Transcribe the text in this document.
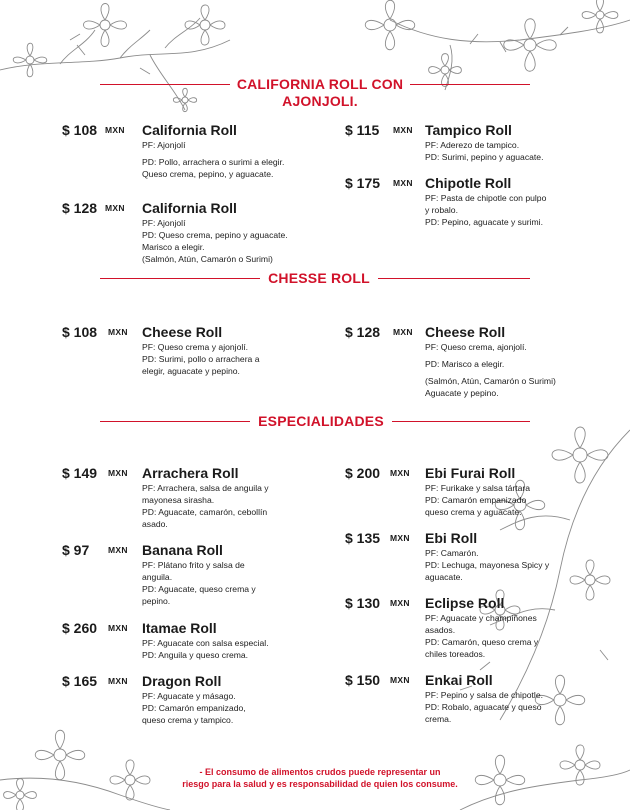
CALIFORNIA ROLL CON
AJONJOLI.
CHESSE ROLL
ESPECIALIDADES
$ 108 MXN California Roll
PF: Ajonjolí
PD: Pollo, arrachera o surimi a elegir.
Queso crema, pepino, y aguacate.
$ 128 MXN California Roll
PF: Ajonjolí
PD: Queso crema, pepino y aguacate.
Marisco a elegir.
(Salmón, Atún, Camarón o Surimi)
$ 115 MXN Tampico Roll
PF: Aderezo de tampico.
PD: Surimi, pepino y aguacate.
$ 175 MXN Chipotle Roll
PF: Pasta de chipotle con pulpo
y robalo.
PD: Pepino, aguacate y surimi.
$ 108 MXN Cheese Roll
PF: Queso crema y ajonjolí.
PD: Surimi, pollo o arrachera a
elegir, aguacate y pepino.
$ 128 MXN Cheese Roll
PF: Queso crema, ajonjolí.
PD: Marisco a elegir.
(Salmón, Atún, Camarón o Surimi)
Aguacate y pepino.
$ 149 MXN Arrachera Roll
PF: Arrachera, salsa de anguila y
mayonesa sirasha.
PD: Aguacate, camarón, cebollín
asado.
$ 97 MXN Banana Roll
PF: Plátano frito y salsa de
anguila.
PD: Aguacate, queso crema y
pepino.
$ 260 MXN Itamae Roll
PF: Aguacate con salsa especial.
PD: Anguila y queso crema.
$ 165 MXN Dragon Roll
PF: Aguacate y másago.
PD: Camarón empanizado,
queso crema y tampico.
$ 200 MXN Ebi Furai Roll
PF: Furikake y salsa tártara
PD: Camarón empanizado
queso crema y aguacate.
$ 135 MXN Ebi Roll
PF: Camarón.
PD: Lechuga, mayonesa Spicy y
aguacate.
$ 130 MXN Eclipse Roll
PF: Aguacate y champiñones
asados.
PD: Camarón, queso crema y
chiles toreados.
$ 150 MXN Enkai Roll
PF: Pepino y salsa de chipotle.
PD: Robalo, aguacate y queso
crema.
- El consumo de alimentos crudos puede representar un
riesgo para la salud y es responsabilidad de quien los consume.
